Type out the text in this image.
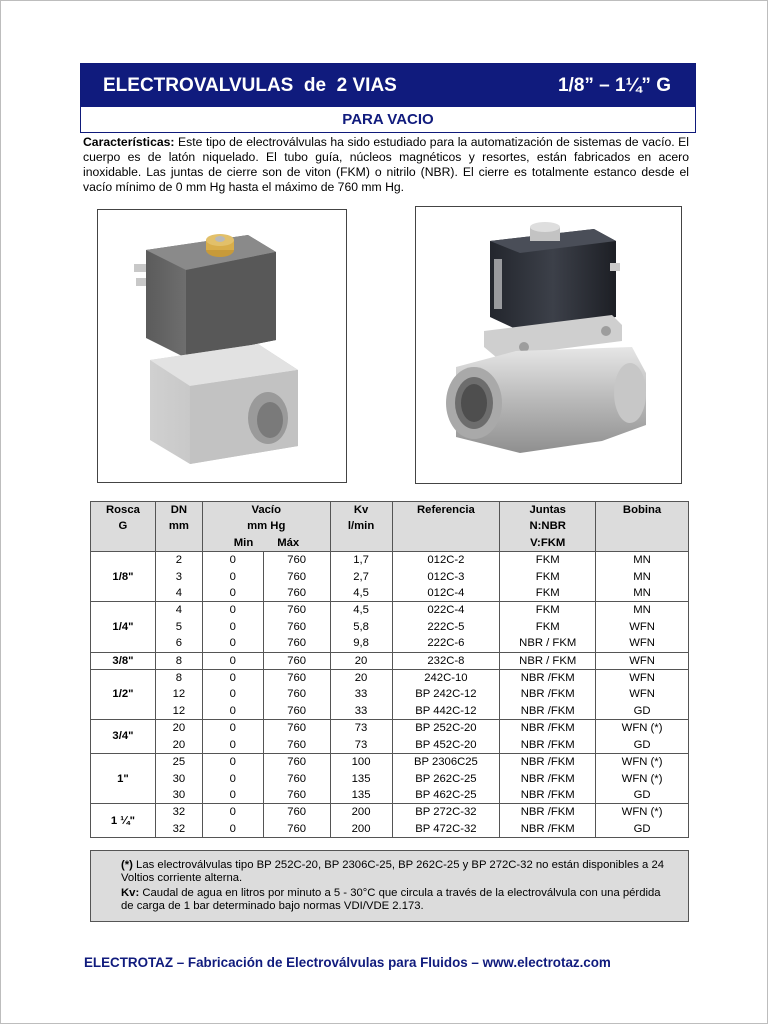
ELECTROVALVULAS  de  2 VIAS	1/8” – 1¼” G
PARA VACIO
Características: Este tipo de electroválvulas ha sido estudiado para la automatización de sistemas de vacío. El cuerpo es de latón niquelado. El tubo guía, núcleos magnéticos y resortes, están fabricados en acero inoxidable. Las juntas de cierre son de viton (FKM) o nitrilo (NBR). El cierre es totalmente estanco desde el vacío mínimo de 0 mm Hg hasta el máximo de 760 mm Hg.
Rosca	DN	Vacío		Kv	Referencia	Juntas	Bobina
G	mm	mm Hg		l/min		N:NBR	
		Min	Máx			V:FKM	
1/8"	2	0	760	1,7	012C-2	FKM	MN
	3	0	760	2,7	012C-3	FKM	MN
	4	0	760	4,5	012C-4	FKM	MN
1/4"	4	0	760	4,5	022C-4	FKM	MN
	5	0	760	5,8	222C-5	FKM	WFN
	6	0	760	9,8	222C-6	NBR / FKM	WFN
3/8"	8	0	760	20	232C-8	NBR / FKM	WFN
1/2"	8	0	760	20	242C-10	NBR /FKM	WFN
	12	0	760	33	BP 242C-12	NBR /FKM	WFN
	12	0	760	33	BP 442C-12	NBR /FKM	GD
3/4"	20	0	760	73	BP 252C-20	NBR /FKM	WFN (*)
	20	0	760	73	BP 452C-20	NBR /FKM	GD
1"	25	0	760	100	BP 2306C25	NBR /FKM	WFN (*)
	30	0	760	135	BP 262C-25	NBR /FKM	WFN (*)
	30	0	760	135	BP 462C-25	NBR /FKM	GD
1 ¼"	32	0	760	200	BP 272C-32	NBR /FKM	WFN (*)
	32	0	760	200	BP 472C-32	NBR /FKM	GD

(*) Las electroválvulas tipo BP 252C-20, BP 2306C-25, BP 262C-25 y BP 272C-32 no están disponibles a 24 Voltios corriente alterna.

Kv: Caudal de agua en litros por minuto a 5 - 30°C que circula a través de la electroválvula con una pérdida de carga de 1 bar determinado bajo normas VDI/VDE 2.173.

ELECTROTAZ – Fabricación de Electroválvulas para Fluidos – www.electrotaz.com
